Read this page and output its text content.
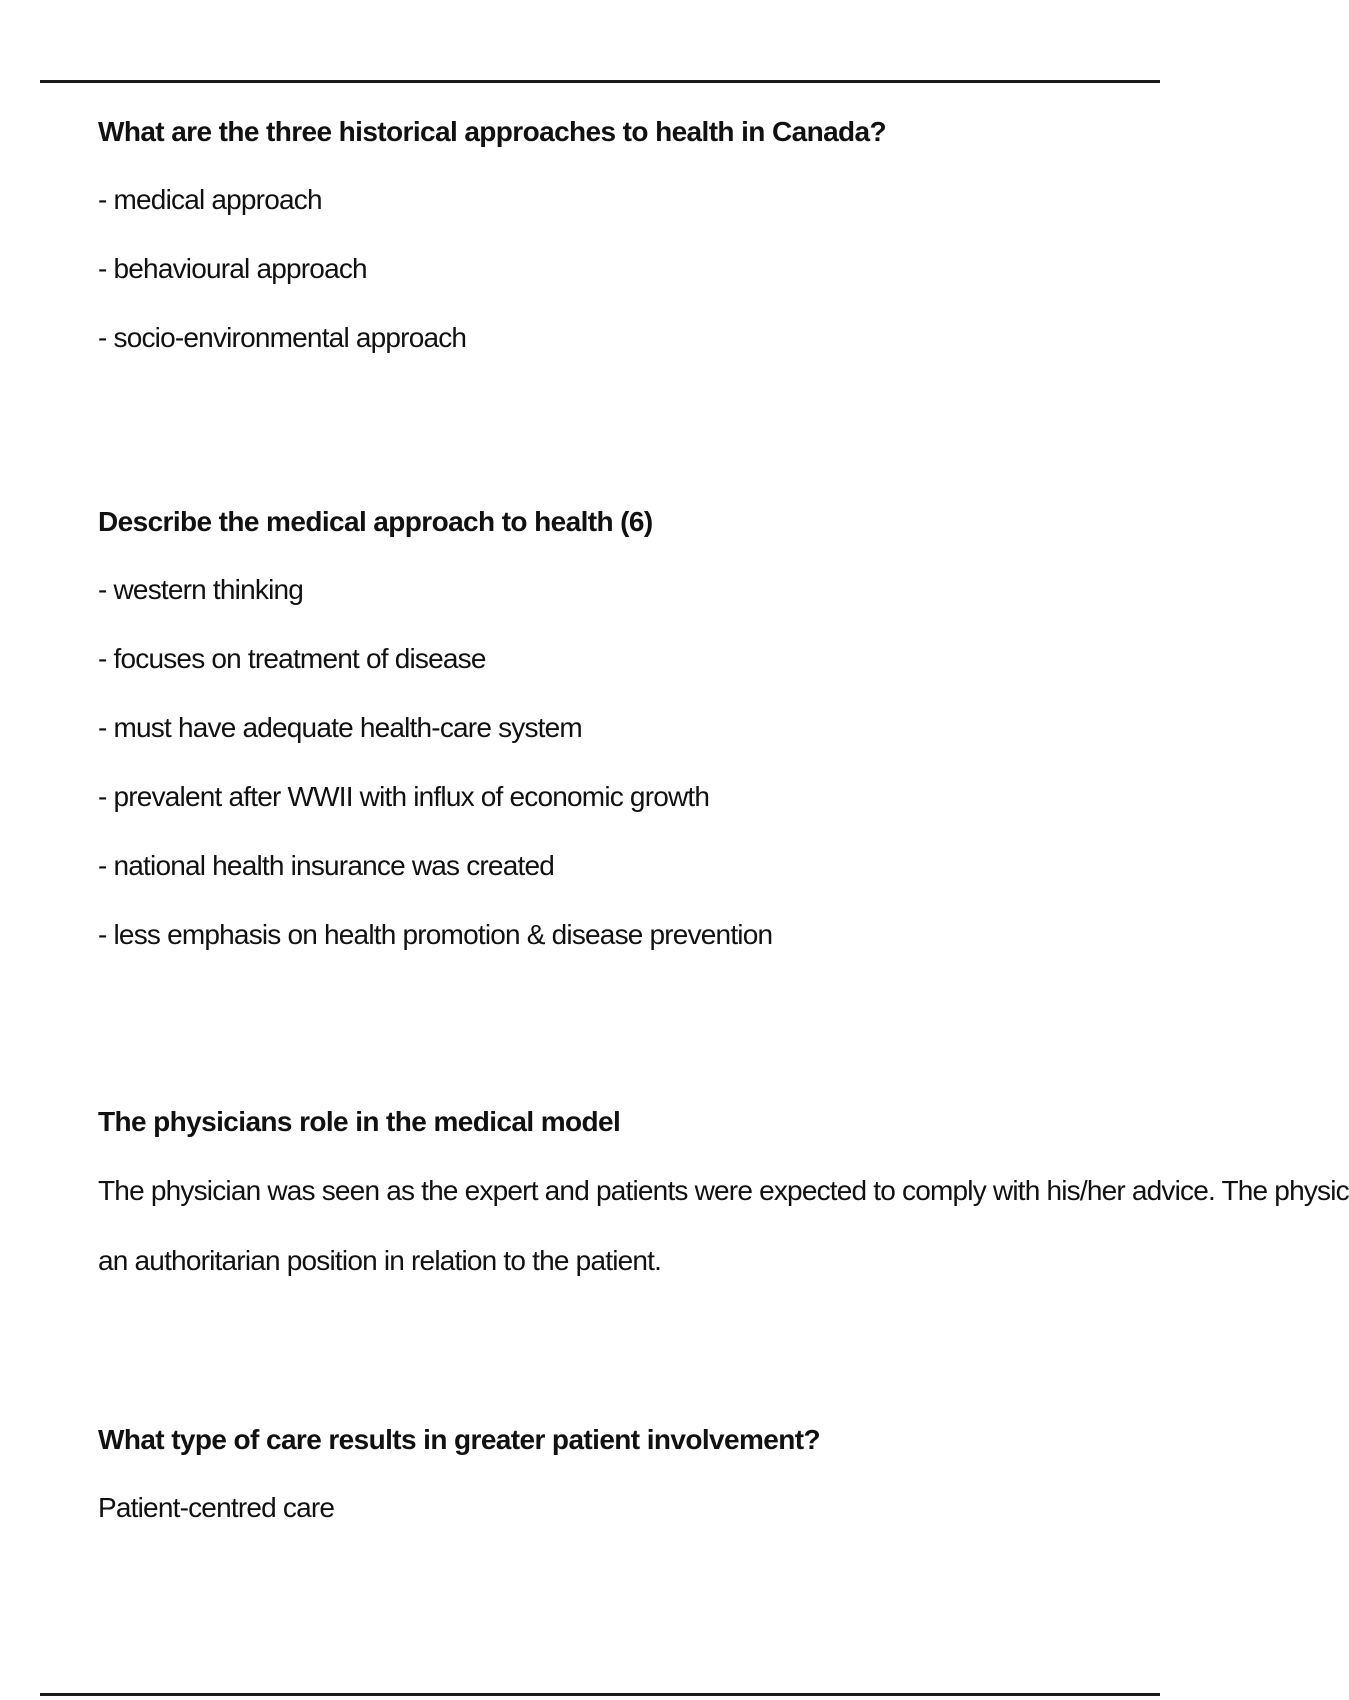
What are the three historical approaches to health in Canada?
- medical approach
- behavioural approach
- socio-environmental approach
Describe the medical approach to health (6)
- western thinking
- focuses on treatment of disease
- must have adequate health-care system
- prevalent after WWII with influx of economic growth
- national health insurance was created
- less emphasis on health promotion & disease prevention
The physicians role in the medical model
The physician was seen as the expert and patients were expected to comply with his/her advice. The physic
an authoritarian position in relation to the patient.
What type of care results in greater patient involvement?
Patient-centred care
